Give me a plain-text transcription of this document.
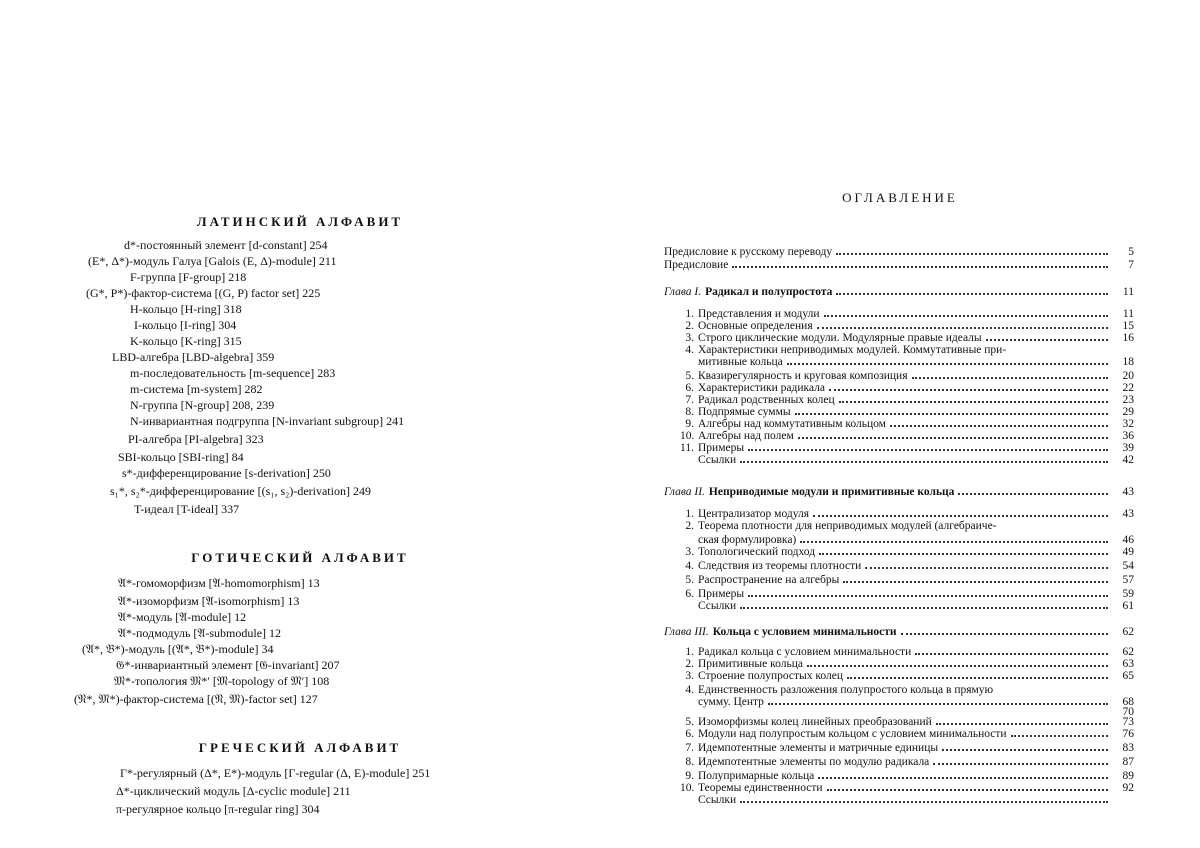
ЛАТИНСКИЙ АЛФАВИТ
d*-постоянный элемент [d-constant] 254
(E*, Δ*)-модуль Галуа [Galois (E, Δ)-module] 211
F-группа [F-group] 218
(G*, P*)-фактор-система [(G, P) factor set] 225
H-кольцо [H-ring] 318
I-кольцо [I-ring] 304
K-кольцо [K-ring] 315
LBD-алгебра [LBD-algebra] 359
m-последовательность [m-sequence] 283
m-система [m-system] 282
N-группа [N-group] 208, 239
N-инвариантная подгруппа [N-invariant subgroup] 241
PI-алгебра [PI-algebra] 323
SBI-кольцо [SBI-ring] 84
s*-дифференцирование [s-derivation] 250
s₁*, s₂*-дифференцирование [(s₁, s₂)-derivation] 249
T-идеал [T-ideal] 337
ГОТИЧЕСКИЙ АЛФАВИТ
𝔄*-гомоморфизм [𝔄-homomorphism] 13
𝔄*-изоморфизм [𝔄-isomorphism] 13
𝔄*-модуль [𝔄-module] 12
𝔄*-подмодуль [𝔄-submodule] 12
(𝔄*, 𝔅*)-модуль [(𝔄*, 𝔅*)-module] 34
𝔊*-инвариантный элемент [𝔊-invariant] 207
𝔐*-топология 𝔐*′ [𝔐-topology of 𝔐′] 108
(𝔑*, 𝔐*)-фактор-система [(𝔑, 𝔐)-factor set] 127
ГРЕЧЕСКИЙ АЛФАВИТ
Γ*-регулярный (Δ*, E*)-модуль [Γ-regular (Δ, E)-module] 251
Δ*-циклический модуль [Δ-cyclic module] 211
π-регулярное кольцо [π-regular ring] 304
ОГЛАВЛЕНИЕ
Предисловие к русскому переводу	5
Предисловие	7
Глава I. Радикал и полупростота	11
1. Представления и модули	11
2. Основные определения	15
3. Строго циклические модули. Модулярные правые идеалы	16
4. Характеристики неприводимых модулей. Коммутативные при-
митивные кольца	18
5. Квазирегулярность и круговая композиция	20
6. Характеристики радикала	22
7. Радикал родственных колец	23
8. Подпрямые суммы	29
9. Алгебры над коммутативным кольцом	32
10. Алгебры над полем	36
11. Примеры	39
Ссылки	42
Глава II. Неприводимые модули и примитивные кольца	43
1. Централизатор модуля	43
2. Теорема плотности для неприводимых модулей (алгебраиче-
ская формулировка)	46
3. Топологический подход	49
4. Следствия из теоремы плотности	54
5. Распространение на алгебры	57
6. Примеры	59
Ссылки	61
Глава III. Кольца с условием минимальности	62
1. Радикал кольца с условием минимальности	62
2. Примитивные кольца	63
3. Строение полупростых колец	65
4. Единственность разложения полупростого кольца в прямую
сумму. Центр	68
70
5. Изоморфизмы колец линейных преобразований	73
6. Модули над полупростым кольцом с условием минимальности	76
7. Идемпотентные элементы и матричные единицы	83
8. Идемпотентные элементы по модулю радикала	87
9. Полупримарные кольца	89
10. Теоремы единственности	92
Ссылки
